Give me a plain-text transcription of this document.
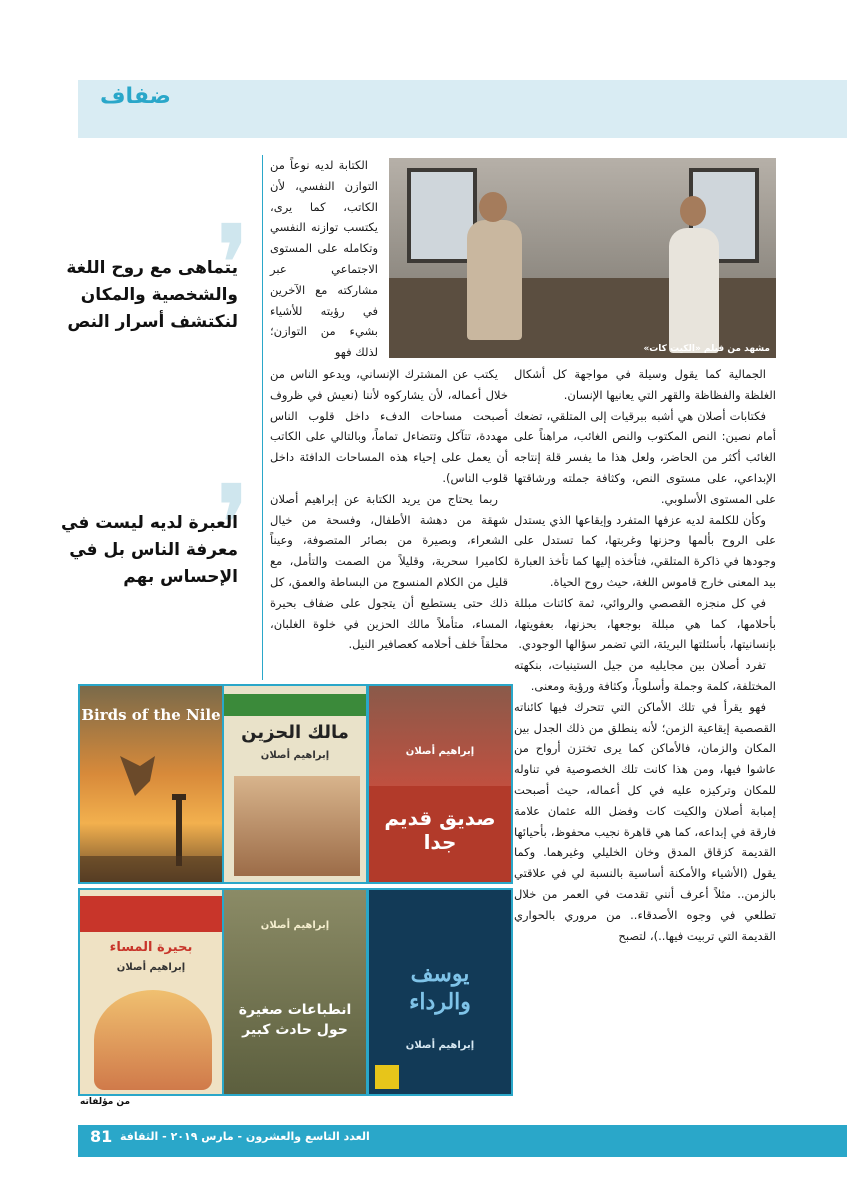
ضفاف
مشهد من فيلم «الكيت كات»

الكتابة لديه نوعاً من التوازن النفسي، لأن الكاتب، كما يرى، يكتسب توازنه النفسي وتكامله على المستوى الاجتماعي عبر مشاركته مع الآخرين في رؤيته للأشياء بشيء من التوازن؛ لذلك فهو

يكتب عن المشترك الإنساني، ويدعو الناس من خلال أعماله، لأن يشاركوه لأننا (نعيش في ظروف أصبحت مساحات الدفء داخل قلوب الناس مهددة، تتآكل وتتضاءل تماماً، وبالتالي على الكاتب أن يعمل على إحياء هذه المساحات الدافئة داخل قلوب الناس).

ربما يحتاج من يريد الكتابة عن إبراهيم أصلان شهقة من دهشة الأطفال، وفسحة من خيال الشعراء، وبصيرة من بصائر المتصوفة، وعيناً لكاميرا سحرية، وقليلاً من الصمت والتأمل، مع قليل من الكلام المنسوج من البساطة والعمق، كل ذلك حتى يستطيع أن يتجول على ضفاف بحيرة المساء، متأملاً مالك الحزين في خلوة الغلبان، محلقاً خلف أحلامه كعصافير النيل.

الجمالية كما يقول وسيلة في مواجهة كل أشكال الغلظة والفظاظة والقهر التي يعانيها الإنسان.

فكتابات أصلان هي أشبه ببرقيات إلى المتلقي، تضعك أمام نصين: النص المكتوب والنص الغائب، مراهناً على الغائب أكثر من الحاضر، ولعل هذا ما يفسر قلة إنتاجه الإبداعي، على مستوى النص، وكثافة جملته ورشاقتها على المستوى الأسلوبي.

وكأن للكلمة لديه عزفها المتفرد وإيقاعها الذي يستدل على الروح بألمها وحزنها وغربتها، كما تستدل على وجودها في ذاكرة المتلقي، فتأخذه إليها كما تأخذ العبارة بيد المعنى خارج قاموس اللغة، حيث روح الحياة.

في كل منجزه القصصي والروائي، ثمة كائنات مبللة بأحلامها، كما هي مبللة بوجعها، بحزنها، بعفويتها، بإنسانيتها، بأسئلتها البريئة، التي تضمر سؤالها الوجودي.

تفرد أصلان بين مجايليه من جيل الستينيات، بنكهته المختلفة، كلمة وجملة وأسلوباً، وكثافة ورؤية ومعنى.

فهو يقرأ في تلك الأماكن التي تتحرك فيها كائناته القصصية إيقاعية الزمن؛ لأنه ينطلق من ذلك الجدل بين المكان والزمان، فالأماكن كما يرى تختزن أرواح من عاشوا فيها، ومن هذا كانت تلك الخصوصية في تناوله للمكان وتركيزه عليه في كل أعماله، حيث أصبحت إمبابة أصلان والكيت كات وفضل الله عثمان علامة فارقة في إبداعه، كما هي قاهرة نجيب محفوظ، بأحيائها القديمة كزقاق المدق وخان الخليلي وغيرهما. وكما يقول (الأشياء والأمكنة أساسية بالنسبة لي في علاقتي بالزمن.. مثلاً أعرف أنني تقدمت في العمر من خلال تطلعي في وجوه الأصدقاء.. من مروري بالحواري القديمة التي تربيت فيها..)، لتصبح

❜
يتماهى مع روح اللغة والشخصية والمكان لنكتشف أسرار النص
❜
العبرة لديه ليست في معرفة الناس بل في الإحساس بهم
Birds of the Nile
مالك الحزين
إبراهيم أصلان	إبراهيم أصلان
صديق قديم جدا
بحيرة المساء
إبراهيم أصلان
إبراهيم أصلان
انطباعات صغيرة حول حادث كبير
يوسف والرداء
إبراهيم أصلان
من مؤلفاته
العدد التاسع والعشرون - مارس ٢٠١٩ - الثقافة
81
